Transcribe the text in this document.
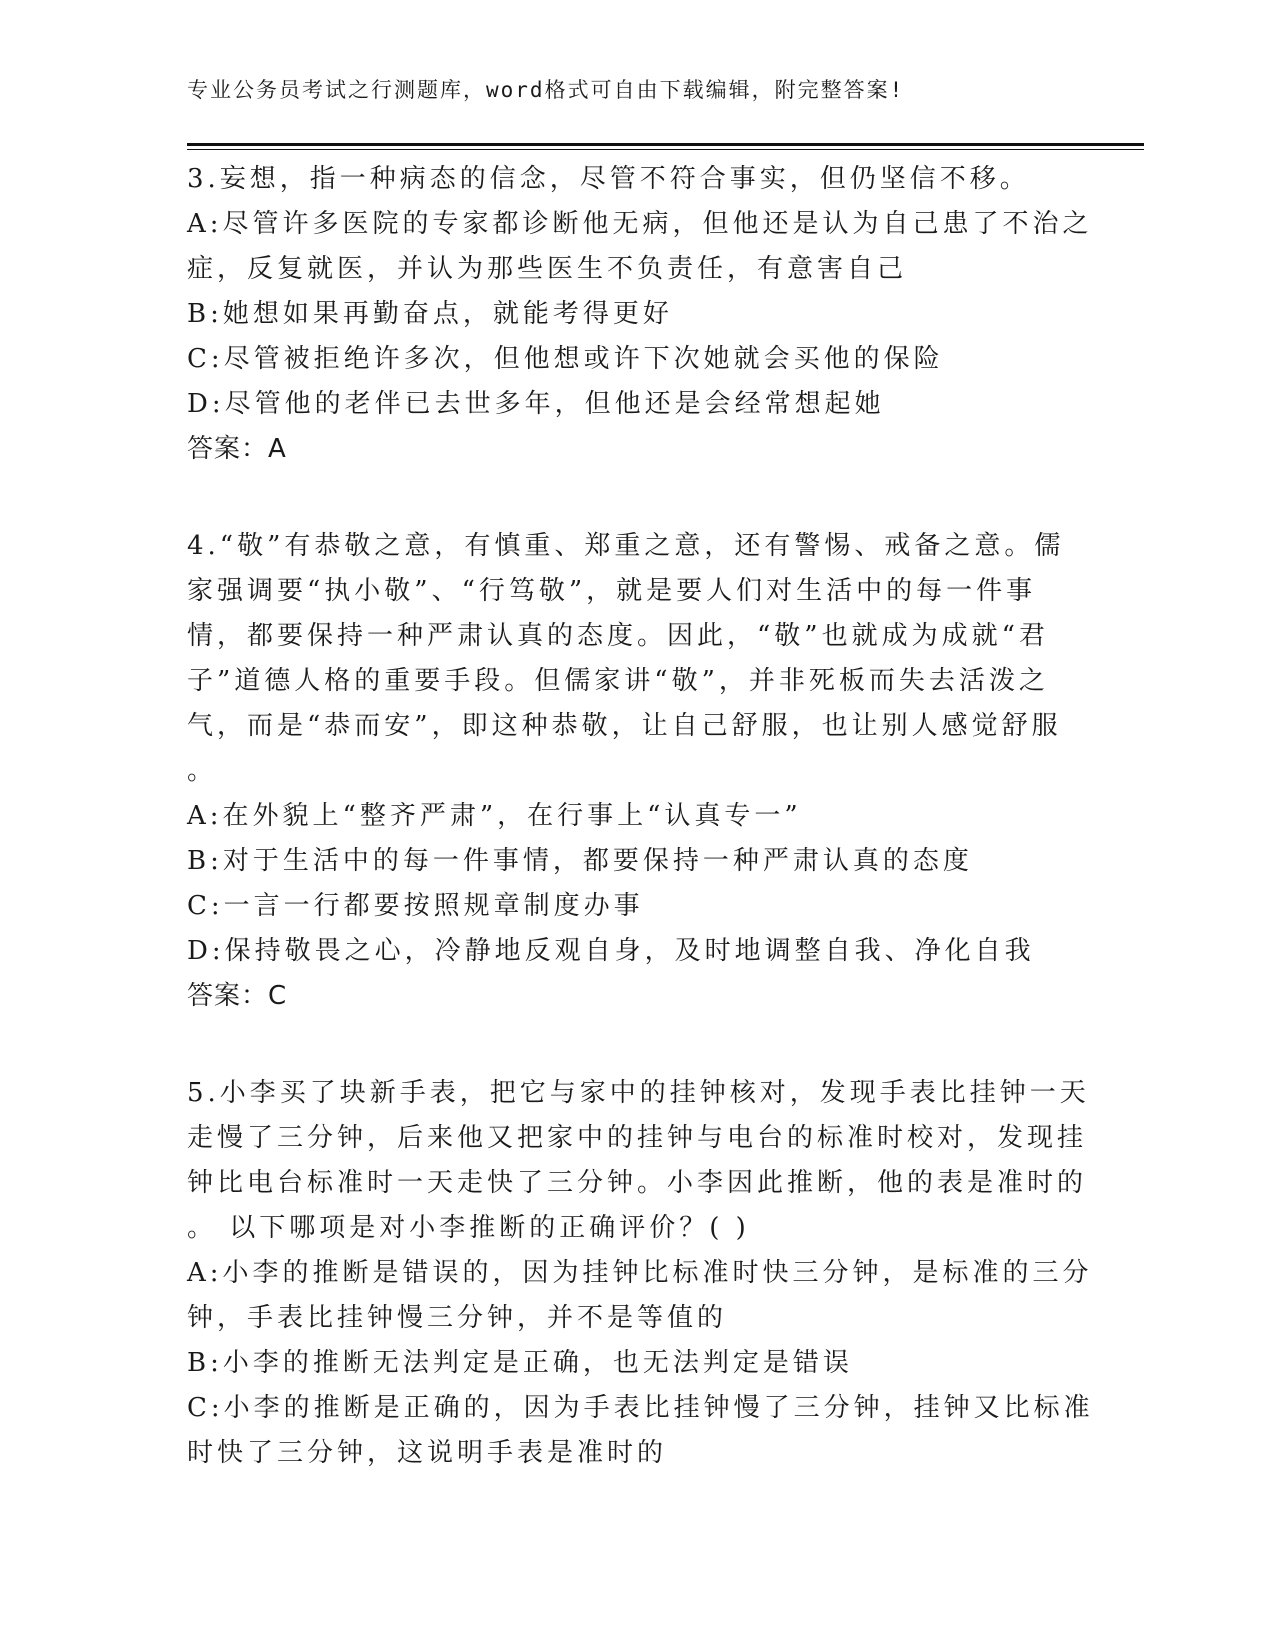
专业公务员考试之行测题库，word格式可自由下载编辑，附完整答案!
3.妄想，指一种病态的信念，尽管不符合事实，但仍坚信不移。
A:尽管许多医院的专家都诊断他无病，但他还是认为自己患了不治之
症，反复就医，并认为那些医生不负责任，有意害自己
B:她想如果再勤奋点，就能考得更好
C:尽管被拒绝许多次，但他想或许下次她就会买他的保险
D:尽管他的老伴已去世多年，但他还是会经常想起她
答案：A
4.“敬”有恭敬之意，有慎重、郑重之意，还有警惕、戒备之意。儒
家强调要“执小敬”、“行笃敬”，就是要人们对生活中的每一件事
情，都要保持一种严肃认真的态度。因此，“敬”也就成为成就“君
子”道德人格的重要手段。但儒家讲“敬”，并非死板而失去活泼之
气，而是“恭而安”，即这种恭敬，让自己舒服，也让别人感觉舒服
。
A:在外貌上“整齐严肃”，在行事上“认真专一”
B:对于生活中的每一件事情，都要保持一种严肃认真的态度
C:一言一行都要按照规章制度办事
D:保持敬畏之心，冷静地反观自身，及时地调整自我、净化自我
答案：C
5.小李买了块新手表，把它与家中的挂钟核对，发现手表比挂钟一天
走慢了三分钟，后来他又把家中的挂钟与电台的标准时校对，发现挂
钟比电台标准时一天走快了三分钟。小李因此推断，他的表是准时的
。 以下哪项是对小李推断的正确评价？( )
A:小李的推断是错误的，因为挂钟比标准时快三分钟，是标准的三分
钟，手表比挂钟慢三分钟，并不是等值的
B:小李的推断无法判定是正确，也无法判定是错误
C:小李的推断是正确的，因为手表比挂钟慢了三分钟，挂钟又比标准
时快了三分钟，这说明手表是准时的
